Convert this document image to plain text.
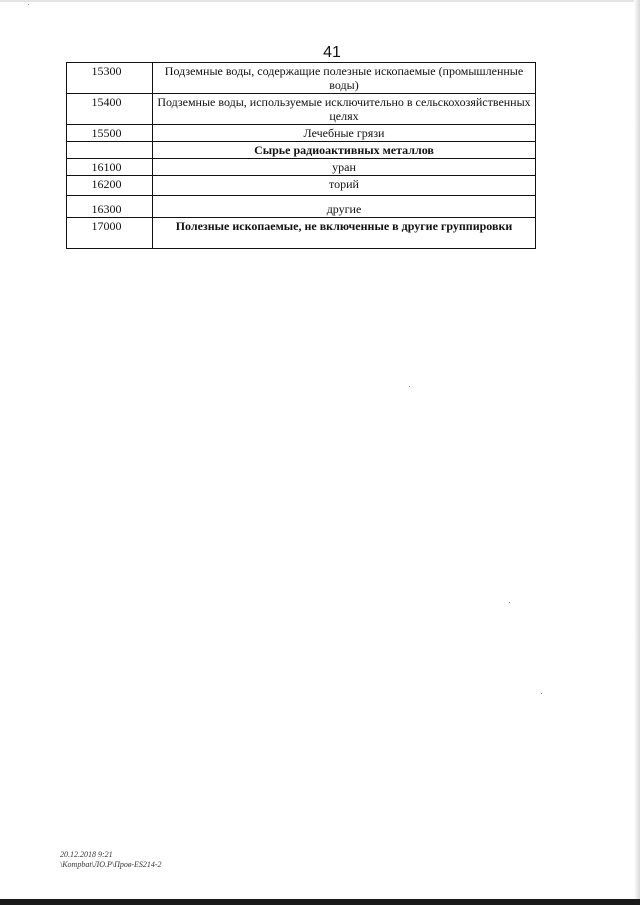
41
15300	Подземные воды, содержащие полезные ископаемые (промышленные воды)
15400	Подземные воды, используемые исключительно в сельскохозяйственных целях
15500	Лечебные грязи
	Сырье радиоактивных металлов
16100	уран
16200	торий
16300	другие
17000	Полезные ископаемые, не включенные в другие группировки
20.12.2018 9:21
\Kompbat\ЛО.Р\Пров-ES214-2
